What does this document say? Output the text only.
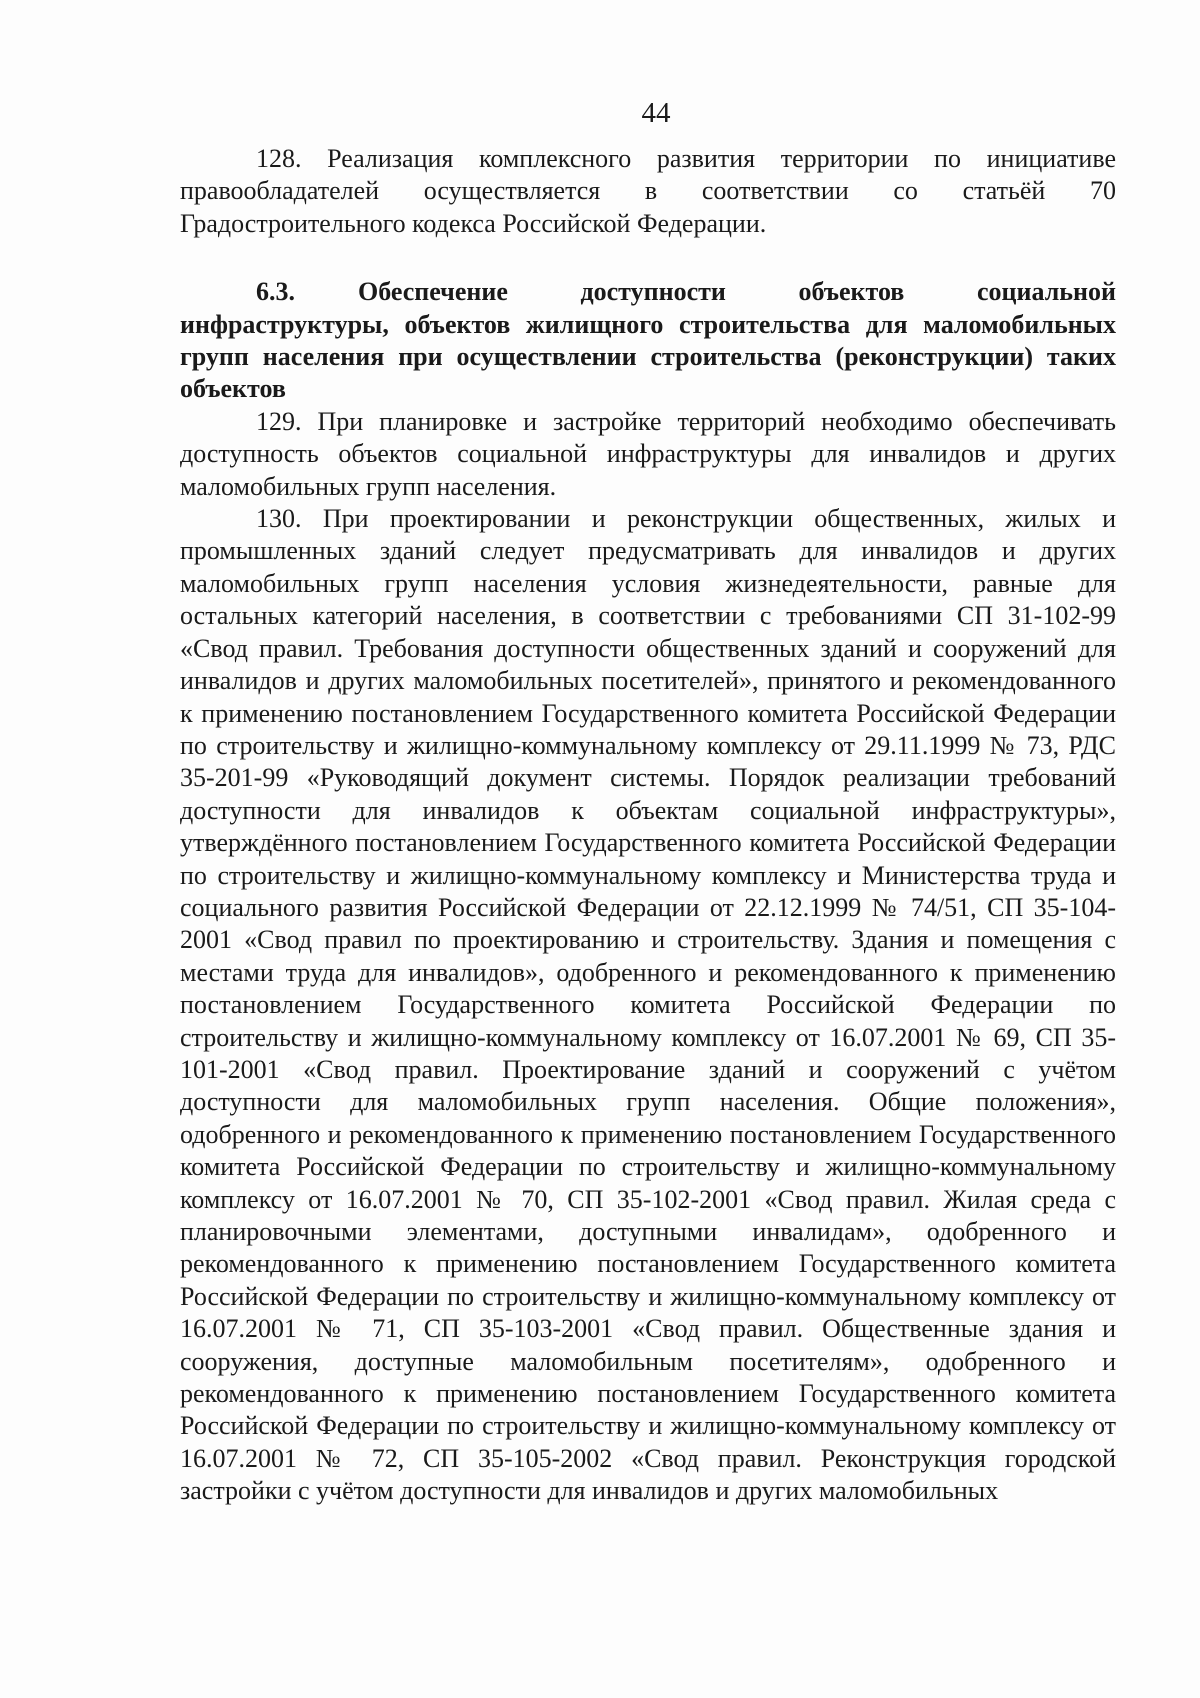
44

128. Реализация комплексного развития территории по инициативе правообладателей осуществляется в соответствии со статьёй 70 Градостроительного кодекса Российской Федерации.

6.3. Обеспечение доступности объектов социальной инфраструктуры, объектов жилищного строительства для маломобильных групп населения при осуществлении строительства (реконструкции) таких объектов

129. При планировке и застройке территорий необходимо обеспечивать доступность объектов социальной инфраструктуры для инвалидов и других маломобильных групп населения.

130. При проектировании и реконструкции общественных, жилых и промышленных зданий следует предусматривать для инвалидов и других маломобильных групп населения условия жизнедеятельности, равные для остальных категорий населения, в соответствии с требованиями СП 31-102-99 «Свод правил. Требования доступности общественных зданий и сооружений для инвалидов и других маломобильных посетителей», принятого и рекомендованного к применению постановлением Государственного комитета Российской Федерации по строительству и жилищно-коммунальному комплексу от 29.11.1999 № 73, РДС 35-201-99 «Руководящий документ системы. Порядок реализации требований доступности для инвалидов к объектам социальной инфраструктуры», утверждённого постановлением Государственного комитета Российской Федерации по строительству и жилищно-коммунальному комплексу и Министерства труда и социального развития Российской Федерации от 22.12.1999 № 74/51, СП 35-104-2001 «Свод правил по проектированию и строительству. Здания и помещения с местами труда для инвалидов», одобренного и рекомендованного к применению постановлением Государственного комитета Российской Федерации по строительству и жилищно-коммунальному комплексу от 16.07.2001 № 69, СП 35-101-2001 «Свод правил. Проектирование зданий и сооружений с учётом доступности для маломобильных групп населения. Общие положения», одобренного и рекомендованного к применению постановлением Государственного комитета Российской Федерации по строительству и жилищно-коммунальному комплексу от 16.07.2001 № 70, СП 35-102-2001 «Свод правил. Жилая среда с планировочными элементами, доступными инвалидам», одобренного и рекомендованного к применению постановлением Государственного комитета Российской Федерации по строительству и жилищно-коммунальному комплексу от 16.07.2001 № 71, СП 35-103-2001 «Свод правил. Общественные здания и сооружения, доступные маломобильным посетителям», одобренного и рекомендованного к применению постановлением Государственного комитета Российской Федерации по строительству и жилищно-коммунальному комплексу от 16.07.2001 № 72, СП 35-105-2002 «Свод правил. Реконструкция городской застройки с учётом доступности для инвалидов и других маломобильных
